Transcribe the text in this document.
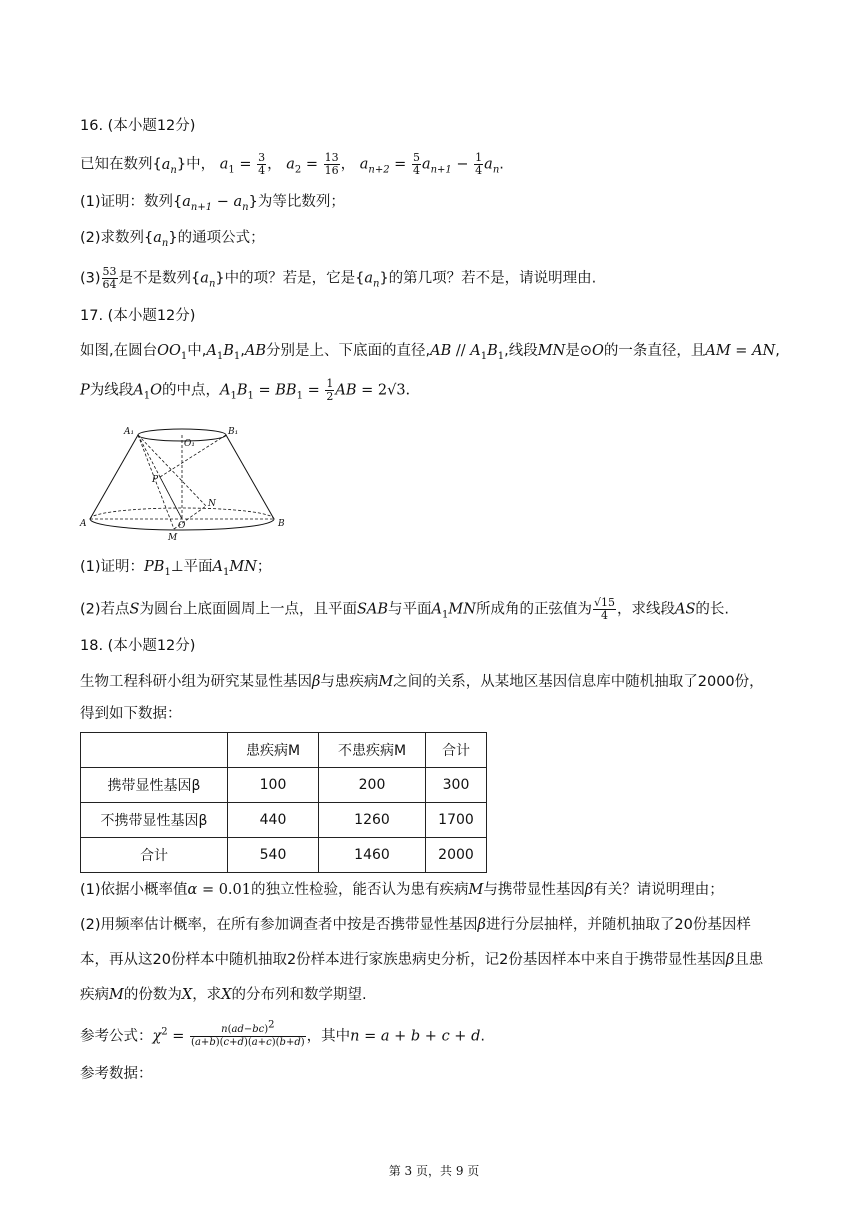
16. (本小题12分)
已知在数列$\{a_n\}$中， $a_1 = \frac{3}{4}$ ， $a_2 = \frac{13}{16}$ ， $a_{n+2} = \frac{5}{4} a_{n+1} - \frac{1}{4} a_n$.
(1)证明：数列$\{a_{n+1} - a_n\}$为等比数列；
(2)求数列$\{a_n\}$的通项公式；
$(3) \frac{53}{64}$ 是不是数列$\{a_n\}$中的项？若是，它是$\{a_n\}$的第几项？若不是，请说明理由.
17. (本小题12分)
如图,在圆台$OO_1$中$,A_1B_1,AB$分别是上、下底面的直径,AB // $A_1B_1$,线段MN是⊙O的一条直径，且AM = AN,
P为线段$A_1O$的中点，$A_1B_1 = BB_1 = \frac{1}{2}$ AB = 2√3.
A₁	B₁
O₁
P
N
A	O	B
M
(1)证明：$PB_1\perp$平面$A_1MN$；
(2)若点S为圆台上底面圆周上一点，且平面SAB与平面$A_1MN$所成角的正弦值为 $\frac{√15}{4}$ ，求线段AS的长.
18. (本小题12分)
生物工程科研小组为研究某显性基因β与患疾病M之间的关系，从某地区基因信息库中随机抽取了2000份，
得到如下数据：
	患疾病M	不患疾病M	合计
携带显性基因β	100	200	300
不携带显性基因β	440	1260	1700
合计	540	1460	2000
(1)依据小概率值α = 0.01的独立性检验，能否认为患有疾病M与携带显性基因β有关？请说明理由；
(2)用频率估计概率，在所有参加调查者中按是否携带显性基因β进行分层抽样，并随机抽取了20份基因样
本，再从这20份样本中随机抽取2份样本进行家族患病史分析，记2份基因样本中来自于携带显性基因β且患
疾病M的份数为X，求X的分布列和数学期望.
参考公式：$\chi^2 = \frac{n(ad-bc)^2}{(a+b)(c+d)(a+c)(b+d)}$ ，其中n = a + b + c + d.
参考数据：
第 3 页，共 9 页
